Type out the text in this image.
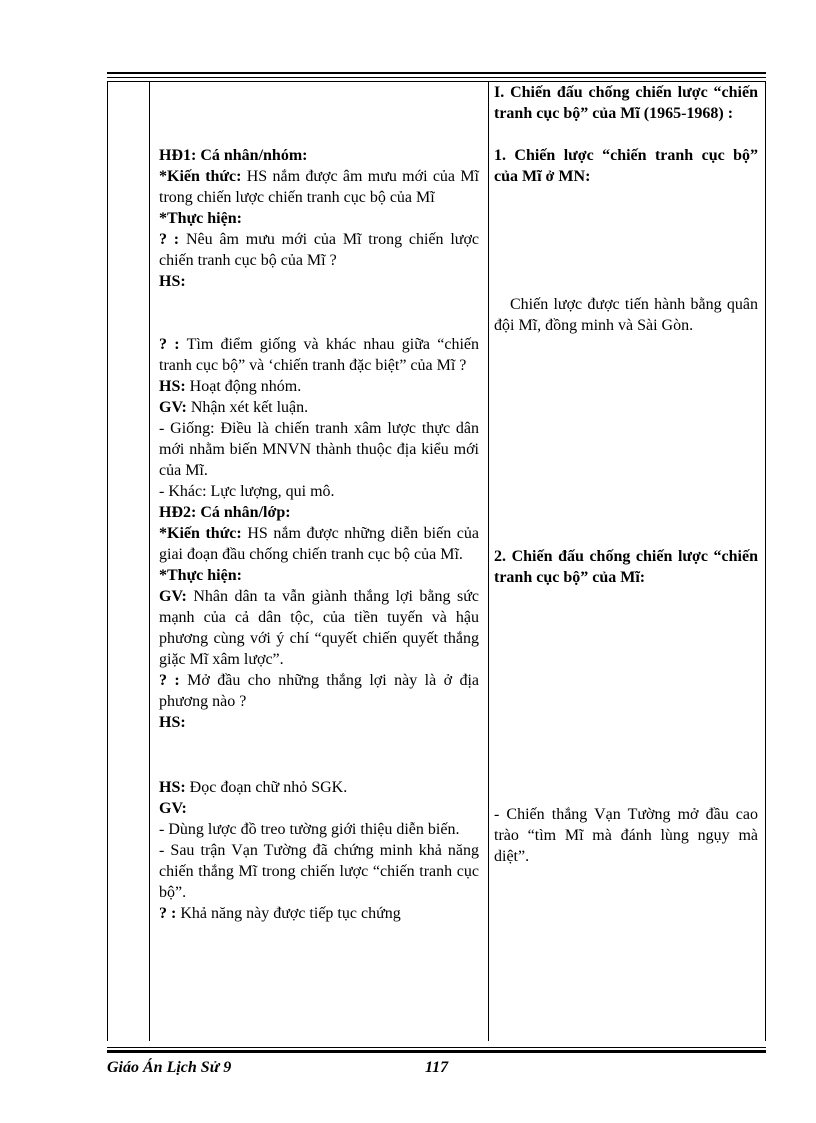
HĐ1: Cá nhân/nhóm:

*Kiến thức: HS nắm được âm mưu mới của Mĩ trong chiến lược chiến tranh cục bộ của Mĩ

*Thực hiện:

? : Nêu âm mưu mới của Mĩ trong chiến lược chiến tranh cục bộ của Mĩ ?

HS:

? : Tìm điểm giống và khác nhau giữa “chiến tranh cục bộ” và ‘chiến tranh đặc biệt” của Mĩ ?

HS: Hoạt động nhóm.

GV: Nhận xét kết luận.

- Giống: Điều là chiến tranh xâm lược thực dân mới nhằm biến MNVN thành thuộc địa kiểu mới của Mĩ.

- Khác: Lực lượng, qui mô.

HĐ2: Cá nhân/lớp:

*Kiến thức: HS nắm được những diễn biến của giai đoạn đầu chống chiến tranh cục bộ của Mĩ.

*Thực hiện:

GV: Nhân dân ta vẫn giành thắng lợi bằng sức mạnh của cả dân tộc, của tiền tuyến và hậu phương cùng với ý chí “quyết chiến quyết thắng giặc Mĩ xâm lược”.

? : Mở đầu cho những thắng lợi này là ở địa phương nào ?

HS:

HS: Đọc đoạn chữ nhỏ SGK.

GV:

- Dùng lược đồ treo tường giới thiệu diễn biến.

- Sau trận Vạn Tường đã chứng minh khả năng chiến thắng Mĩ trong chiến lược “chiến tranh cục bộ”.

? : Khả năng này được tiếp tục chứng

I. Chiến đấu chống chiến lược “chiến tranh cục bộ” của Mĩ (1965-1968) :
1. Chiến lược “chiến tranh cục bộ” của Mĩ ở MN:
Chiến lược được tiến hành bằng quân đội Mĩ, đồng minh và Sài Gòn.
2. Chiến đấu chống chiến lược “chiến tranh cục bộ” của Mĩ:
- Chiến thắng Vạn Tường mở đầu cao trào “tìm Mĩ mà đánh lùng ngụy mà diệt”.
Giáo Án Lịch Sử 9	117
